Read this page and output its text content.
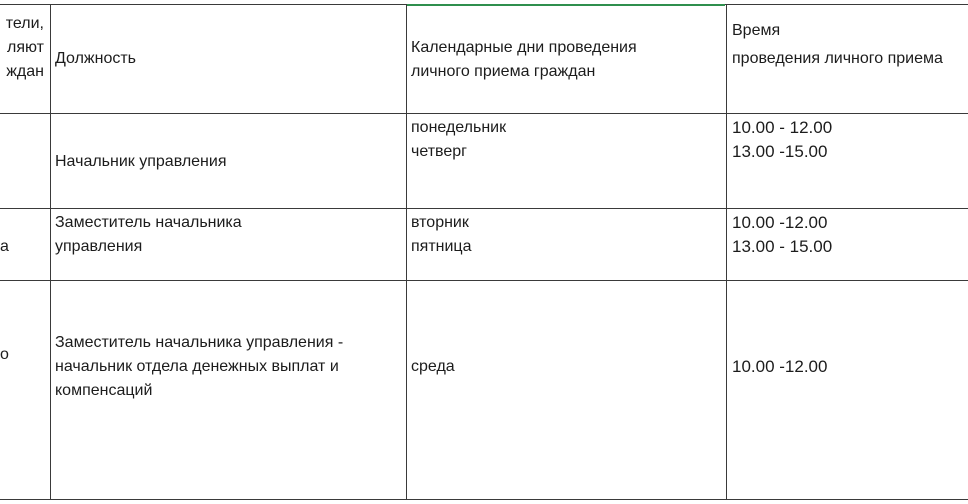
тели,
ляют
ждан
Должность
Календарные дни проведения
личного приема граждан
Время
проведения личного приема
Начальник управления
понедельник
четверг
10.00 - 12.00
13.00 -15.00
а
Заместитель начальника
управления
вторник
пятница
10.00 -12.00
13.00 - 15.00
о
Заместитель начальника управления -
начальник отдела денежных выплат и
компенсаций
среда	10.00 -12.00
